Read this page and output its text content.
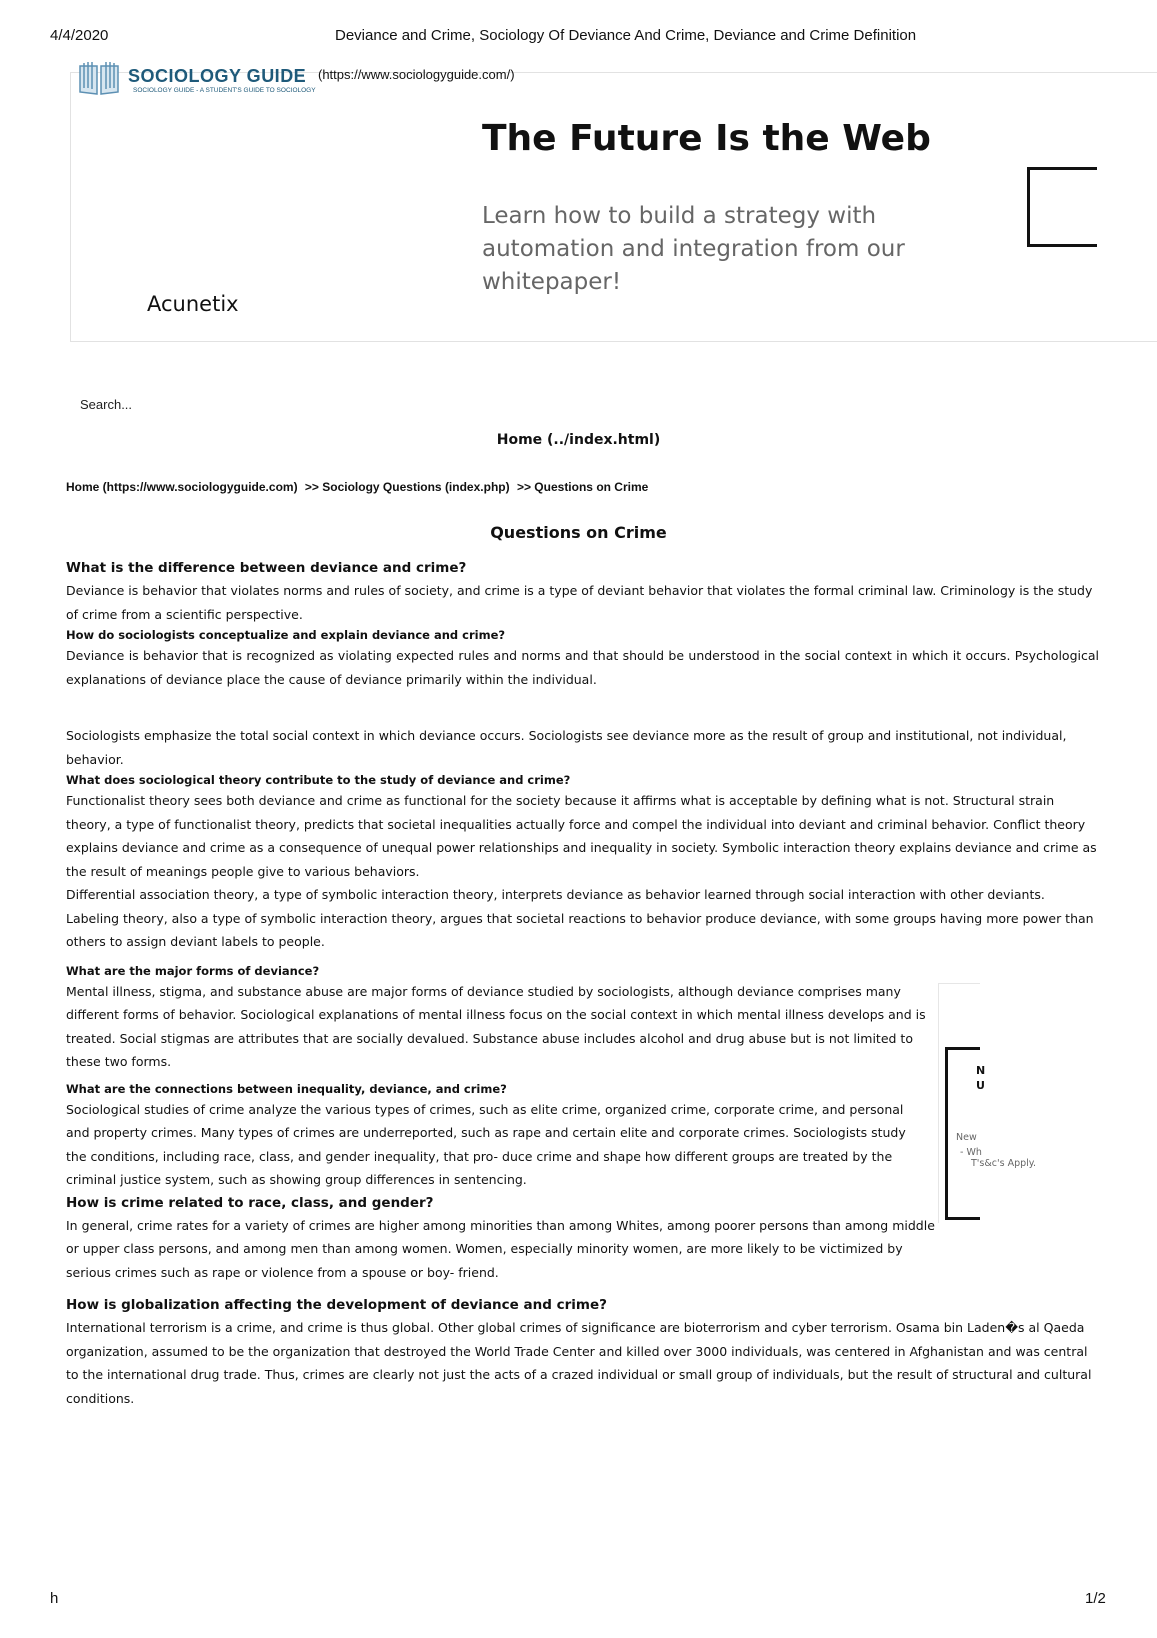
4/4/2020	Deviance and Crime, Sociology Of Deviance And Crime, Deviance and Crime Definition
SOCIOLOGY GUIDE
SOCIOLOGY GUIDE - A STUDENT'S GUIDE TO SOCIOLOGY
(https://www.sociologyguide.com/)
The Future Is the Web
Learn how to build a strategy with automation and integration from our whitepaper!
Acunetix
Search...
Home (../index.html)
Home (https://www.sociologyguide.com) >> Sociology Questions (index.php) >> Questions on Crime
Questions on Crime

What is the difference between deviance and crime?

Deviance is behavior that violates norms and rules of society, and crime is a type of deviant behavior that violates the formal criminal law. Criminology is the study of crime from a scientific perspective.

How do sociologists conceptualize and explain deviance and crime?

Deviance is behavior that is recognized as violating expected rules and norms and that should be understood in the social context in which it occurs. Psychological explanations of deviance place the cause of deviance primarily within the individual.

Sociologists emphasize the total social context in which deviance occurs. Sociologists see deviance more as the result of group and institutional, not individual, behavior.

What does sociological theory contribute to the study of deviance and crime?

Functionalist theory sees both deviance and crime as functional for the society because it affirms what is acceptable by defining what is not. Structural strain theory, a type of functionalist theory, predicts that societal inequalities actually force and compel the individual into deviant and criminal behavior. Conflict theory explains deviance and crime as a consequence of unequal power relationships and inequality in society. Symbolic interaction theory explains deviance and crime as the result of meanings people give to various behaviors.

Differential association theory, a type of symbolic interaction theory, interprets deviance as behavior learned through social interaction with other deviants. Labeling theory, also a type of symbolic interaction theory, argues that societal reactions to behavior produce deviance, with some groups having more power than others to assign deviant labels to people.

What are the major forms of deviance?

Mental illness, stigma, and substance abuse are major forms of deviance studied by sociologists, although deviance comprises many different forms of behavior. Sociological explanations of mental illness focus on the social context in which mental illness develops and is treated. Social stigmas are attributes that are socially devalued. Substance abuse includes alcohol and drug abuse but is not limited to these two forms.

What are the connections between inequality, deviance, and crime?

Sociological studies of crime analyze the various types of crimes, such as elite crime, organized crime, corporate crime, and personal and property crimes. Many types of crimes are underreported, such as rape and certain elite and corporate crimes. Sociologists study the conditions, including race, class, and gender inequality, that pro- duce crime and shape how different groups are treated by the criminal justice system, such as showing group differences in sentencing.

How is crime related to race, class, and gender?

In general, crime rates for a variety of crimes are higher among minorities than among Whites, among poorer persons than among middle or upper class persons, and among men than among women. Women, especially minority women, are more likely to be victimized by serious crimes such as rape or violence from a spouse or boy- friend.

How is globalization affecting the development of deviance and crime?

International terrorism is a crime, and crime is thus global. Other global crimes of significance are bioterrorism and cyber terrorism. Osama bin Laden�s al Qaeda organization, assumed to be the organization that destroyed the World Trade Center and killed over 3000 individuals, was centered in Afghanistan and was central to the international drug trade. Thus, crimes are clearly not just the acts of a crazed individual or small group of individuals, but the result of structural and cultural conditions.

N
U
New
- Wh
T's&c's Apply.
h	1/2
